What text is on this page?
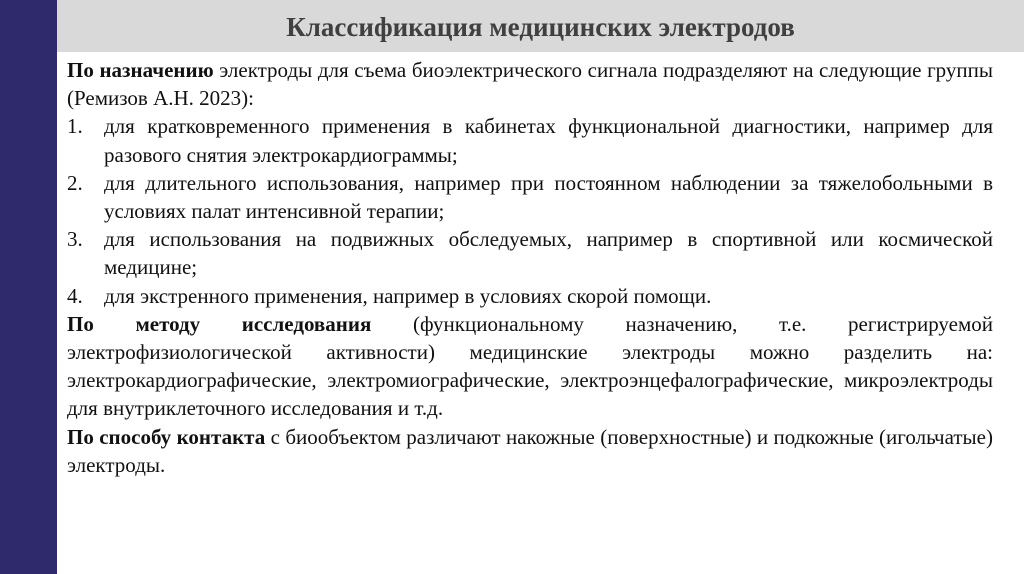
Классификация медицинских электродов

По назначению электроды для съема биоэлектрического сигнала подразделяют на следующие группы (Ремизов А.Н. 2023):

1. для кратковременного применения в кабинетах функциональной диагностики, например для разового снятия электрокардиограммы;
2. для длительного использования, например при постоянном наблюдении за тяжелобольными в условиях палат интенсивной терапии;
3. для использования на подвижных обследуемых, например в спортивной или космической медицине;
4. для экстренного применения, например в условиях скорой помощи.

По методу исследования (функциональному назначению, т.е. регистрируемой электрофизиологической активности) медицинские электроды можно разделить на: электрокардиографические, электромиографические, электроэнцефалографические, микроэлектроды для внутриклеточного исследования и т.д.

По способу контакта с биообъектом различают накожные (поверхностные) и подкожные (игольчатые) электроды.
